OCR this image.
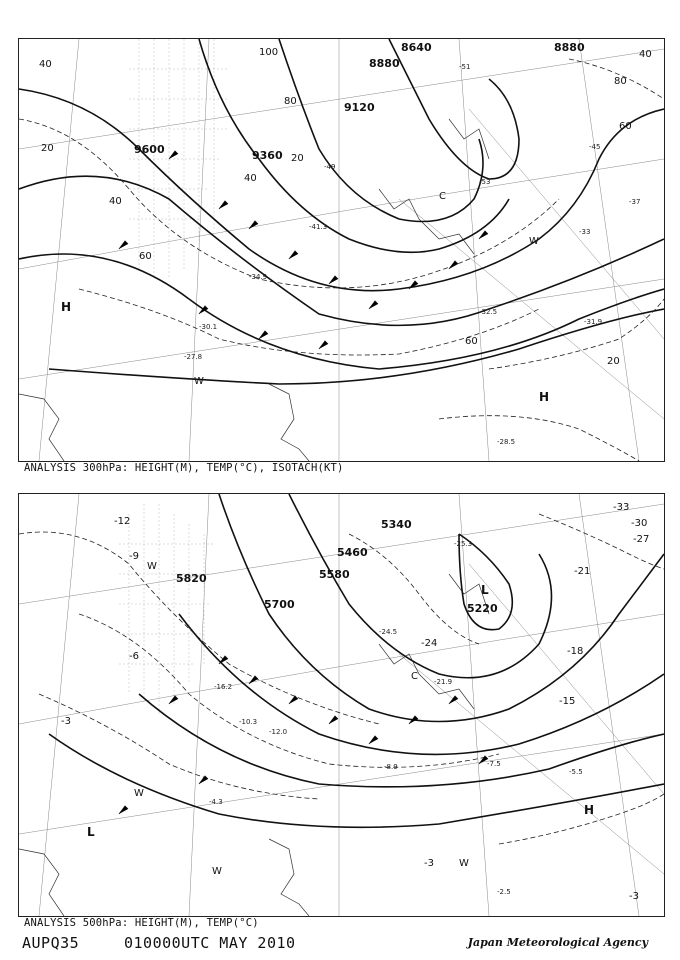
9600	9360
9120
8880
8640	8880
20
40
60
80
100	40
60
80
20
40
60
20
40
-33
-37
-41.3
-45
-49
-51
-53
-34.9
-32.5
-31.9
-28.5
-27.8
-30.1
H
H
W
W
C
ANALYSIS 300hPa: HEIGHT(M), TEMP(°C), ISOTACH(KT)
5820
5700
5580
5460
5340
5220
-12
-9
-6
-3
-15
-18
-21
-24
-27
-30
-33
-3
-3
-16.2
-21.9
-24.5
-25.3
-7.5
-2.5
-5.5
-4.3
-10.3
-12.0
-8.9
L
L
H
W
W
W
W
C
ANALYSIS 500hPa: HEIGHT(M), TEMP(°C)
AUPQ35	010000UTC MAY 2010	Japan Meteorological Agency
